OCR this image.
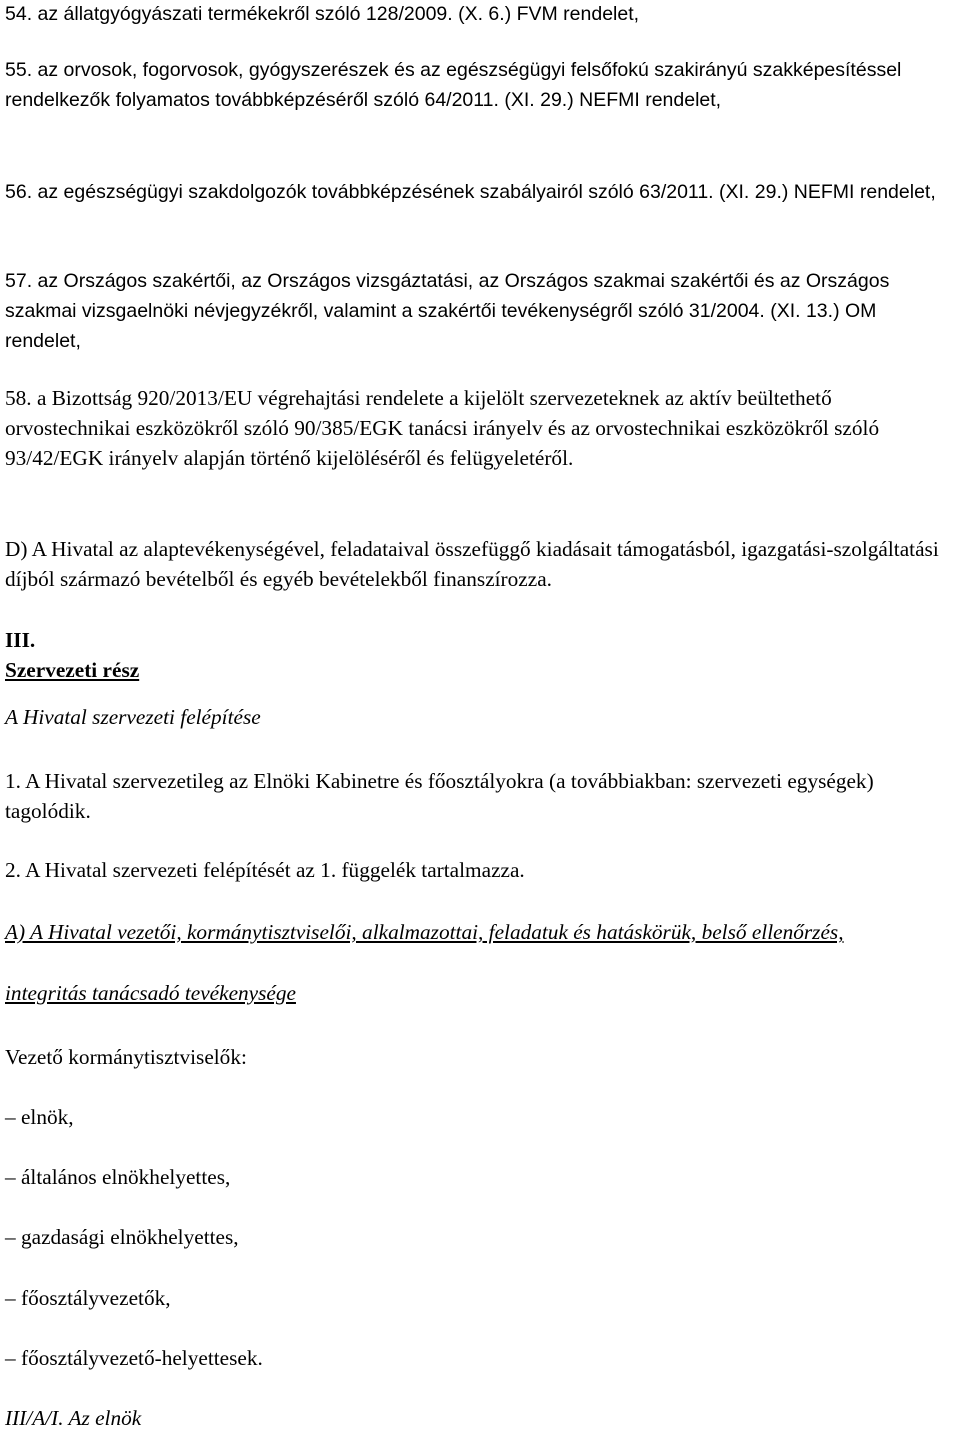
54. az állatgyógyászati termékekről szóló 128/2009. (X. 6.) FVM rendelet,

55. az orvosok, fogorvosok, gyógyszerészek és az egészségügyi felsőfokú szakirányú szakképesítéssel rendelkezők folyamatos továbbképzéséről szóló 64/2011. (XI. 29.) NEFMI rendelet,

56. az egészségügyi szakdolgozók továbbképzésének szabályairól szóló 63/2011. (XI. 29.) NEFMI rendelet,

57. az Országos szakértői, az Országos vizsgáztatási, az Országos szakmai szakértői és az Országos szakmai vizsgaelnöki névjegyzékről, valamint a szakértői tevékenységről szóló 31/2004. (XI. 13.) OM rendelet,

58. a Bizottság 920/2013/EU végrehajtási rendelete a kijelölt szervezeteknek az aktív beültethető orvostechnikai eszközökről szóló 90/385/EGK tanácsi irányelv és az orvostechnikai eszközökről szóló 93/42/EGK irányelv alapján történő kijelöléséről és felügyeletéről.

D) A Hivatal az alaptevékenységével, feladataival összefüggő kiadásait támogatásból, igazgatási-szolgáltatási díjból származó bevételből és egyéb bevételekből finanszírozza.

III.

Szervezeti rész

A Hivatal szervezeti felépítése

1. A Hivatal szervezetileg az Elnöki Kabinetre és főosztályokra (a továbbiakban: szervezeti egységek) tagolódik.

2. A Hivatal szervezeti felépítését az 1. függelék tartalmazza.

A) A Hivatal vezetői, kormánytisztviselői, alkalmazottai, feladatuk és hatáskörük, belső ellenőrzés,

integritás tanácsadó tevékenysége

Vezető kormánytisztviselők:

– elnök,

– általános elnökhelyettes,

– gazdasági elnökhelyettes,

– főosztályvezetők,

– főosztályvezető-helyettesek.

III/A/I. Az elnök
